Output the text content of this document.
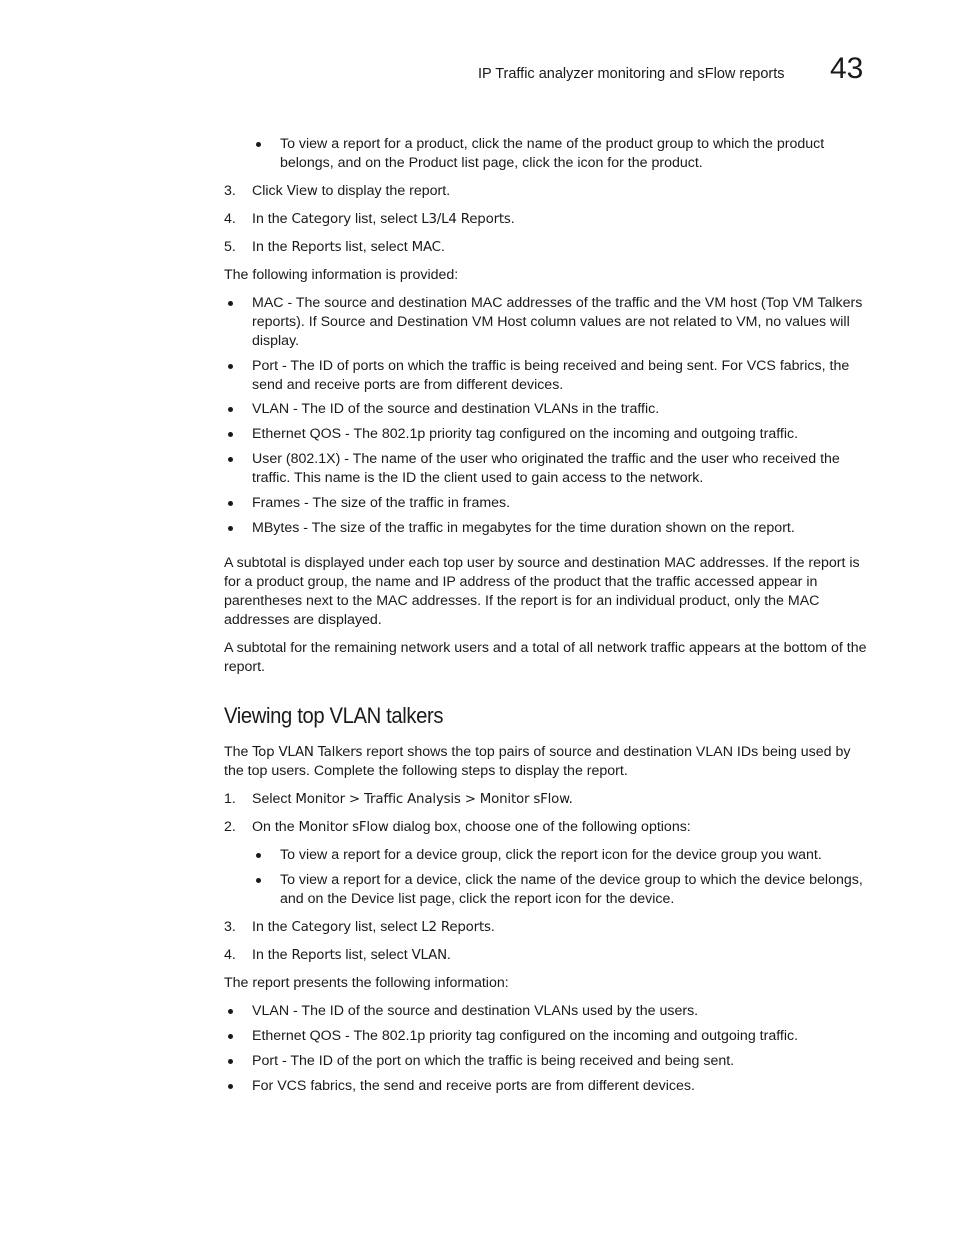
IP Traffic analyzer monitoring and sFlow reports 43
To view a report for a product, click the name of the product group to which the product belongs, and on the Product list page, click the icon for the product.
3.	Click View to display the report.
4.	In the Category list, select L3/L4 Reports.
5.	In the Reports list, select MAC.
The following information is provided:
MAC - The source and destination MAC addresses of the traffic and the VM host (Top VM Talkers reports). If Source and Destination VM Host column values are not related to VM, no values will display.
Port - The ID of ports on which the traffic is being received and being sent. For VCS fabrics, the send and receive ports are from different devices.
VLAN - The ID of the source and destination VLANs in the traffic.
Ethernet QOS - The 802.1p priority tag configured on the incoming and outgoing traffic.
User (802.1X) - The name of the user who originated the traffic and the user who received the traffic. This name is the ID the client used to gain access to the network.
Frames - The size of the traffic in frames.
MBytes - The size of the traffic in megabytes for the time duration shown on the report.
A subtotal is displayed under each top user by source and destination MAC addresses. If the report is for a product group, the name and IP address of the product that the traffic accessed appear in parentheses next to the MAC addresses. If the report is for an individual product, only the MAC addresses are displayed.
A subtotal for the remaining network users and a total of all network traffic appears at the bottom of the report.
Viewing top VLAN talkers
The Top VLAN Talkers report shows the top pairs of source and destination VLAN IDs being used by the top users. Complete the following steps to display the report.
1.	Select Monitor > Traffic Analysis > Monitor sFlow.
2.	On the Monitor sFlow dialog box, choose one of the following options:
To view a report for a device group, click the report icon for the device group you want.
To view a report for a device, click the name of the device group to which the device belongs, and on the Device list page, click the report icon for the device.
3.	In the Category list, select L2 Reports.
4.	In the Reports list, select VLAN.
The report presents the following information:
VLAN - The ID of the source and destination VLANs used by the users.
Ethernet QOS - The 802.1p priority tag configured on the incoming and outgoing traffic.
Port - The ID of the port on which the traffic is being received and being sent.
For VCS fabrics, the send and receive ports are from different devices.
